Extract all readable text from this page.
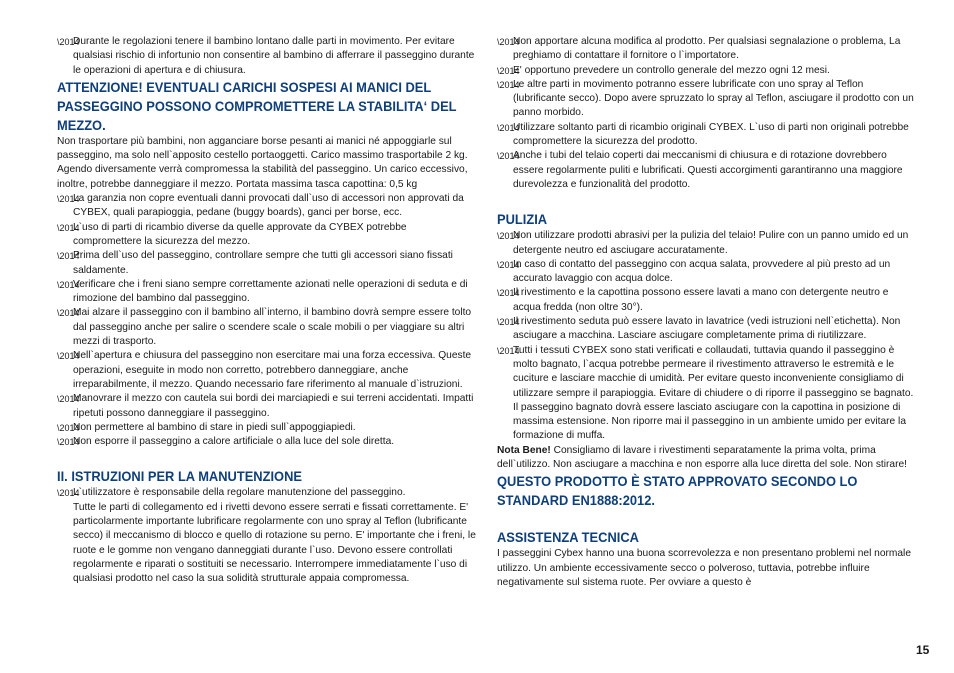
— Durante le regolazioni tenere il bambino lontano dalle parti in movimento. Per evitare qualsiasi rischio di infortunio non consentire al bambino di afferrare il passeggino durante le operazioni di apertura e di chiusura.
ATTENZIONE! EVENTUALI CARICHI SOSPESI AI MANICI DEL PASSEGGINO POSSONO COMPROMETTERE LA STABILITA‘ DEL MEZZO.

Non trasportare più bambini, non agganciare borse pesanti ai manici né appoggiarle sul passeggino, ma solo nell`apposito cestello portaoggetti. Carico massimo trasportabile 2 kg. Agendo diversamente verrà compromessa la stabilità del passeggino. Un carico eccessivo, inoltre, potrebbe danneggiare il mezzo. Portata massima tasca capottina: 0,5 kg

— La garanzia non copre eventuali danni provocati dall`uso di accessori non approvati da CYBEX, quali parapioggia, pedane (buggy boards), ganci per borse, ecc.
— L`uso di parti di ricambio diverse da quelle approvate da CYBEX potrebbe compromettere la sicurezza del mezzo.
— Prima dell`uso del passeggino, controllare sempre che tutti gli accessori siano fissati saldamente.
— Verificare che i freni siano sempre correttamente azionati nelle operazioni di seduta e di rimozione del bambino dal passeggino.
— Mai alzare il passeggino con il bambino all`interno, il bambino dovrà sempre essere tolto dal passeggino anche per salire o scendere scale o scale mobili o per viaggiare su altri mezzi di trasporto.
— Nell`apertura e chiusura del passeggino non esercitare mai una forza eccessiva. Queste operazioni, eseguite in modo non corretto, potrebbero danneggiare, anche irreparabilmente, il mezzo. Quando necessario fare riferimento al manuale d`istruzioni.
— Manovrare il mezzo con cautela sui bordi dei marciapiedi e sui terreni accidentati. Impatti ripetuti possono danneggiare il passeggino.
— Non permettere al bambino di stare in piedi sull`appoggiapiedi.
— Non esporre il passeggino a calore artificiale o alla luce del sole diretta.
II. ISTRUZIONI PER LA MANUTENZIONE
— L`utilizzatore è responsabile della regolare manutenzione del passeggino.

Tutte le parti di collegamento ed i rivetti devono essere serrati e fissati correttamente. E' particolarmente importante lubrificare regolarmente con uno spray al Teflon (lubrificante secco) il meccanismo di blocco e quello di rotazione su perno. E' importante che i freni, le ruote e le gomme non vengano danneggiati durante l`uso. Devono essere controllati regolarmente e riparati o sostituiti se necessario. Interrompere immediatamente l`uso di qualsiasi prodotto nel caso la sua solidità strutturale appaia compromessa.

— Non apportare alcuna modifica al prodotto. Per qualsiasi segnalazione o problema, La preghiamo di contattare il fornitore o l`importatore.
— E' opportuno prevedere un controllo generale del mezzo ogni 12 mesi.
— Le altre parti in movimento potranno essere lubrificate con uno spray al Teflon (lubrificante secco). Dopo avere spruzzato lo spray al Teflon, asciugare il prodotto con un panno morbido.
— Utilizzare soltanto parti di ricambio originali CYBEX. L`uso di parti non originali potrebbe compromettere la sicurezza del prodotto.
— Anche i tubi del telaio coperti dai meccanismi di chiusura e di rotazione dovrebbero essere regolarmente puliti e lubrificati. Questi accorgimenti garantiranno una maggiore durevolezza e funzionalità del prodotto.
PULIZIA
— Non utilizzare prodotti abrasivi per la pulizia del telaio! Pulire con un panno umido ed un detergente neutro ed asciugare accuratamente.
— In caso di contatto del passeggino con acqua salata, provvedere al più presto ad un accurato lavaggio con acqua dolce.
— Il rivestimento e la capottina possono essere lavati a mano con detergente neutro e acqua fredda (non oltre 30°).
— Il rivestimento seduta può essere lavato in lavatrice (vedi istruzioni nell`etichetta). Non asciugare a macchina. Lasciare asciugare completamente prima di riutilizzare.
— Tutti i tessuti CYBEX sono stati verificati e collaudati, tuttavia quando il passeggino è molto bagnato, l`acqua potrebbe permeare il rivestimento attraverso le estremità e le cuciture e lasciare macchie di umidità. Per evitare questo inconveniente consigliamo di utilizzare sempre il parapioggia. Evitare di chiudere o di riporre il passeggino se bagnato. Il passeggino bagnato dovrà essere lasciato asciugare con la capottina in posizione di massima estensione. Non riporre mai il passeggino in un ambiente umido per evitare la formazione di muffa.

Nota Bene! Consigliamo di lavare i rivestimenti separatamente la prima volta, prima dell`utilizzo. Non asciugare a macchina e non esporre alla luce diretta del sole. Non stirare!

QUESTO PRODOTTO È STATO APPROVATO SECONDO LO STANDARD EN1888:2012.
ASSISTENZA TECNICA

I passeggini Cybex hanno una buona scorrevolezza e non presentano problemi nel normale utilizzo. Un ambiente eccessivamente secco o polveroso, tuttavia, potrebbe influire negativamente sul sistema ruote. Per ovviare a questo è

15
